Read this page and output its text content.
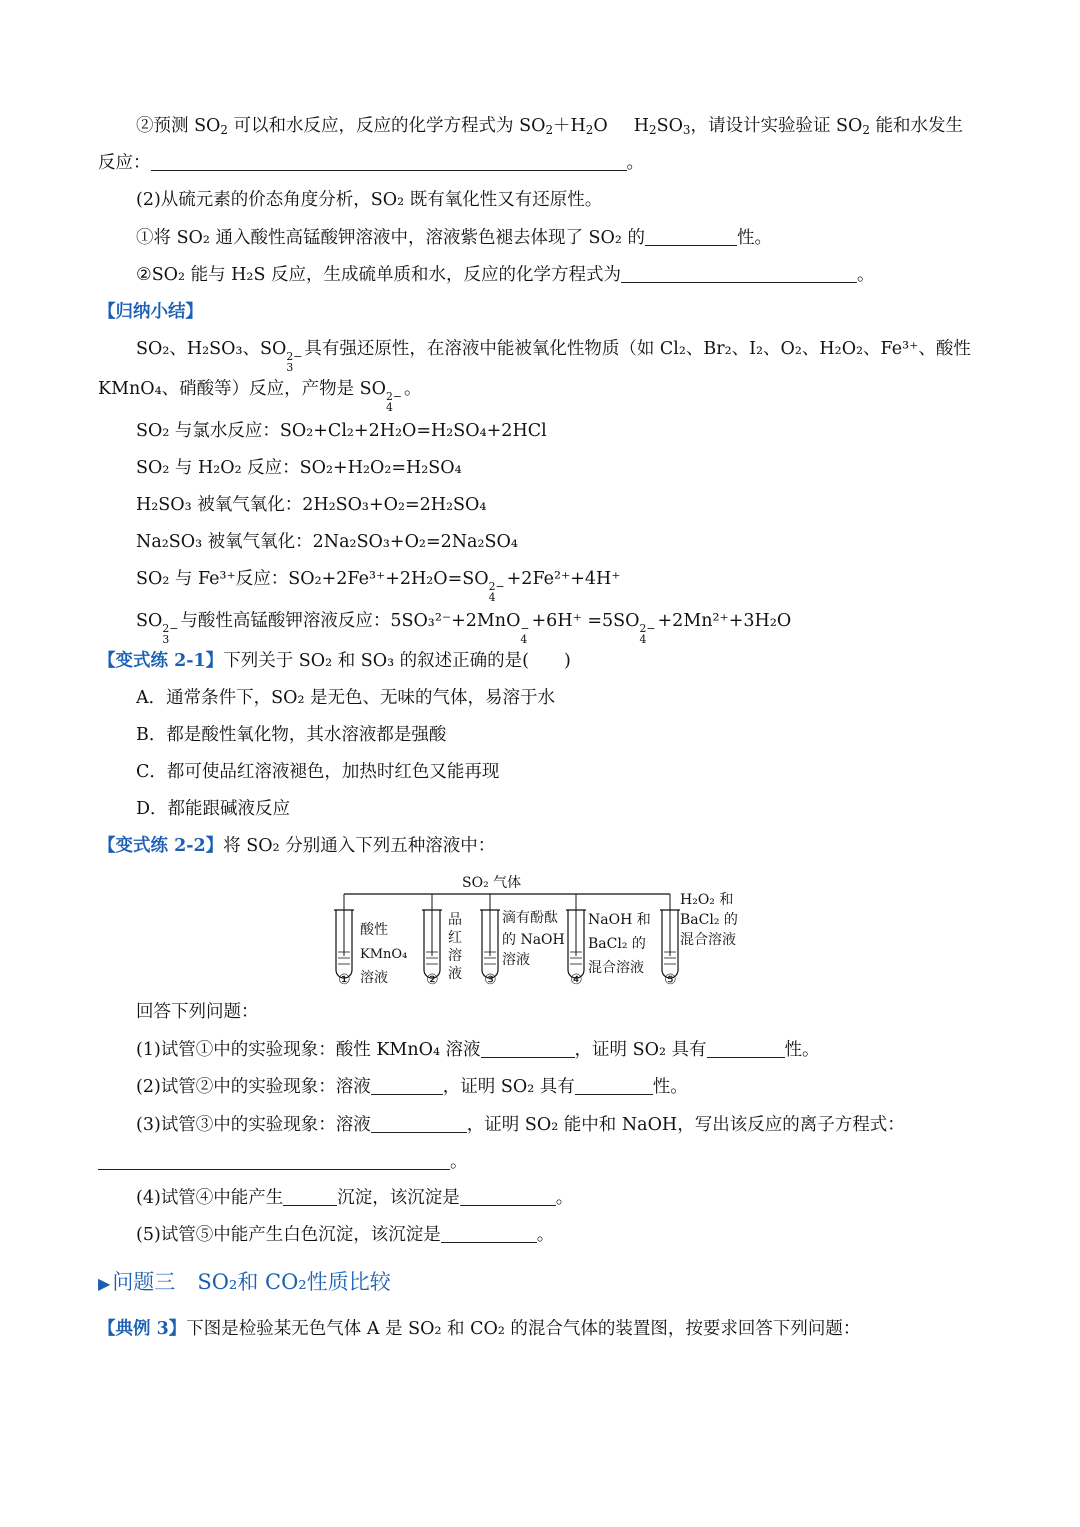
②预测 $SO_2$ 可以和水反应，反应的化学方程式为 $SO_2+H_2O$ $H_2SO_3$，请设计实验验证 $SO_2$ 能和水发生
反应：	。
(2)从硫元素的价态角度分析，SO₂ 既有氧化性又有还原性。
①将 SO₂ 通入酸性高锰酸钾溶液中，溶液紫色褪去体现了 SO₂ 的	性。
②SO₂ 能与 H₂S 反应，生成硫单质和水，反应的化学方程式为	。
【归纳小结】
SO₂、H₂SO₃、SO 2−
3
具有强还原性，在溶液中能被氧化性物质（如 Cl₂、Br₂、I₂、O₂、H₂O₂、Fe³⁺、酸性
KMnO₄、硝酸等）反应，产物是 SO 2−
4
。
SO₂ 与氯水反应：SO₂+Cl₂+2H₂O=H₂SO₄+2HCl
SO₂ 与 H₂O₂ 反应：SO₂+H₂O₂=H₂SO₄
H₂SO₃ 被氧气氧化：2H₂SO₃+O₂=2H₂SO₄
Na₂SO₃ 被氧气氧化：2Na₂SO₃+O₂=2Na₂SO₄
SO₂ 与 Fe³⁺反应：SO₂+2Fe³⁺+2H₂O=SO 2−
4
+2Fe²⁺+4H⁺
SO 2−
3
与酸性高锰酸钾溶液反应：5SO₃²⁻+2MnO −
4
+6H⁺ =5SO 2−
4
+2Mn²⁺+3H₂O
【变式练 2-1】下列关于 SO₂ 和 SO₃ 的叙述正确的是(　　)
A．通常条件下，SO₂ 是无色、无味的气体，易溶于水
B．都是酸性氧化物，其水溶液都是强酸
C．都可使品红溶液褪色，加热时红色又能再现
D．都能跟碱液反应
【变式练 2-2】将 SO₂ 分别通入下列五种溶液中：
SO₂ 气体
酸性
KMnO₄
溶液
①
品
红
溶
液
②
滴有酚酞
的 NaOH
溶液
③
NaOH 和
BaCl₂ 的
混合溶液
④
H₂O₂ 和
BaCl₂ 的
混合溶液
⑤
回答下列问题：
(1)试管①中的实验现象：酸性 KMnO₄ 溶液	，证明 SO₂ 具有	性。
(2)试管②中的实验现象：溶液	，证明 SO₂ 具有	性。
(3)试管③中的实验现象：溶液	，证明 SO₂ 能中和 NaOH，写出该反应的离子方程式：
。
(4)试管④中能产生	沉淀，该沉淀是	。
(5)试管⑤中能产生白色沉淀，该沉淀是	。
▶问题三 SO₂和 CO₂性质比较
【典例 3】下图是检验某无色气体 A 是 SO₂ 和 CO₂ 的混合气体的装置图，按要求回答下列问题：
